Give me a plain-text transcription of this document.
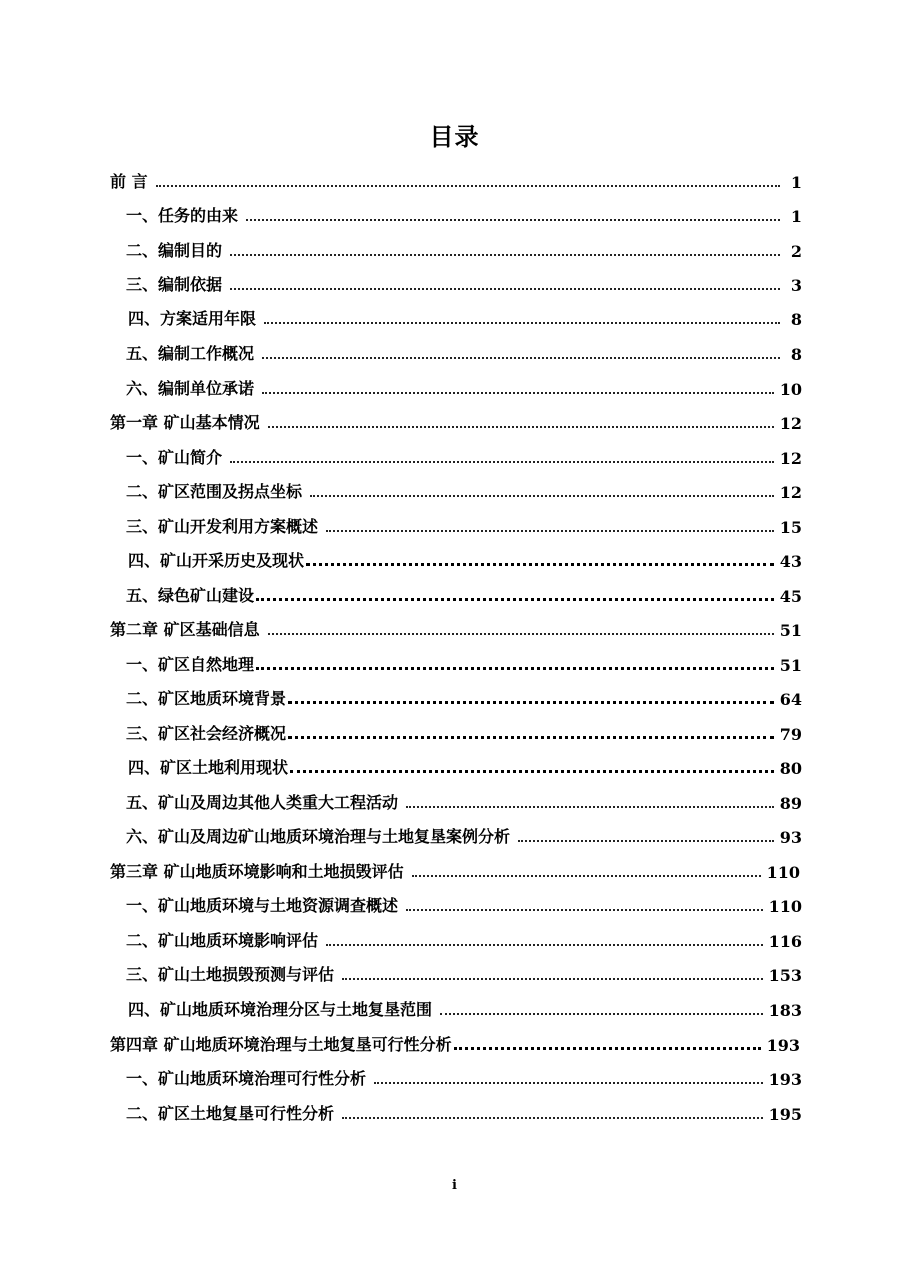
目录
前 言	1
一、任务的由来	1
二、编制目的	2
三、编制依据	3
四、方案适用年限	8
五、编制工作概况	8
六、编制单位承诺	10
第一章 矿山基本情况	12
一、矿山简介	12
二、矿区范围及拐点坐标	12
三、矿山开发利用方案概述	15
四、矿山开采历史及现状	43
五、绿色矿山建设	45
第二章 矿区基础信息	51
一、矿区自然地理	51
二、矿区地质环境背景	64
三、矿区社会经济概况	79
四、矿区土地利用现状	80
五、矿山及周边其他人类重大工程活动	89
六、矿山及周边矿山地质环境治理与土地复垦案例分析	93
第三章 矿山地质环境影响和土地损毁评估	110
一、矿山地质环境与土地资源调查概述	110
二、矿山地质环境影响评估	116
三、矿山土地损毁预测与评估	153
四、矿山地质环境治理分区与土地复垦范围	183
第四章 矿山地质环境治理与土地复垦可行性分析	193
一、矿山地质环境治理可行性分析	193
二、矿区土地复垦可行性分析	195
i
